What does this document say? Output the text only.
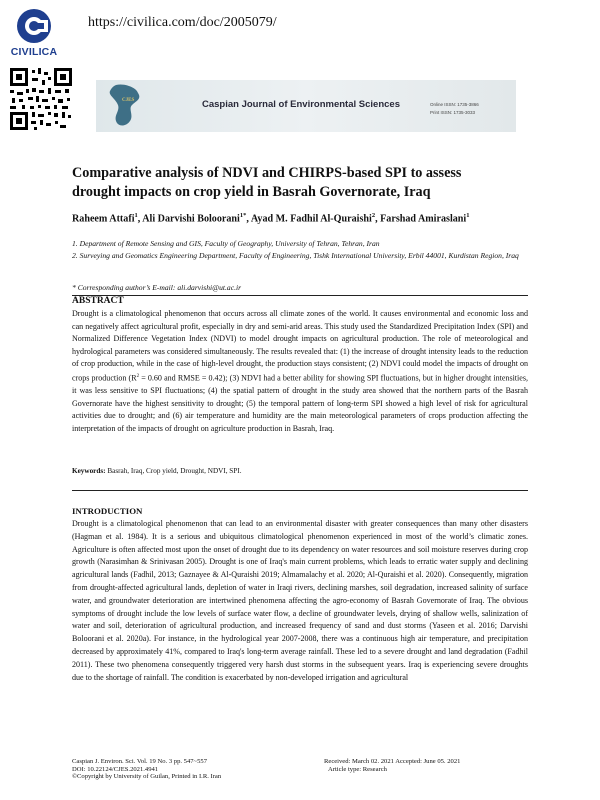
CIVILICA
https://civilica.com/doc/2005079/
CJES	Caspian Journal of Environmental Sciences	Online ISSN: 1735-3866
Print ISSN: 1735-3033
Comparative analysis of NDVI and CHIRPS-based SPI to assess
drought impacts on crop yield in Basrah Governorate, Iraq
Raheem Attafi$^1$, Ali Darvishi Boloorani$^{1*}$, Ayad M. Fadhil Al-Quraishi$^2$, Farshad Amiraslani$^1$

1. Department of Remote Sensing and GIS, Faculty of Geography, University of Tehran, Tehran, Iran

2. Surveying and Geomatics Engineering Department, Faculty of Engineering, Tishk International University, Erbil 44001, Kurdistan Region, Iraq

* Corresponding author’s E-mail: ali.darvishi@ut.ac.ir
ABSTRACT
Drought is a climatological phenomenon that occurs across all climate zones of the world. It causes environmental and economic loss and can negatively affect agricultural profit, especially in dry and semi-arid areas. This study used the Standardized Precipitation Index (SPI) and Normalized Difference Vegetation Index (NDVI) to model drought impacts on agricultural production. The role of meteorological and hydrological parameters was considered simultaneously. The results revealed that: (1) the increase of drought intensity leads to the reduction of crop production, while in the case of high-level drought, the production stays consistent; (2) NDVI could model the impacts of drought on crops production ($R^2 = 0.60$ and RMSE = 0.42); (3) NDVI had a better ability for showing SPI fluctuations, but in higher drought intensities, it was less sensitive to SPI fluctuations; (4) the spatial pattern of drought in the study area showed that the northern parts of the Basrah Governorate have the highest sensitivity to drought; (5) the temporal pattern of long-term SPI showed a high level of risk for agricultural activities due to drought; and (6) air temperature and humidity are the main meteorological parameters of crops production affecting the interpretation of the impacts of drought on agriculture production in Basrah, Iraq.
Keywords: Basrah, Iraq, Crop yield, Drought, NDVI, SPI.
INTRODUCTION
Drought is a climatological phenomenon that can lead to an environmental disaster with greater consequences than many other disasters (Hagman et al. 1984). It is a serious and ubiquitous climatological phenomenon experienced in most of the world’s climatic zones. Agriculture is often affected most upon the onset of drought due to its dependency on water resources and soil moisture reserves during crop growth (Narasimhan & Srinivasan 2005). Drought is one of Iraq's main current problems, which leads to erratic water supply and declining agricultural lands (Fadhil, 2013; Gaznayee & Al-Quraishi 2019; Almamalachy et al. 2020; Al-Quraishi et al. 2020). Consequently, migration from drought-affected agricultural lands, depletion of water in Iraqi rivers, declining marshes, soil degradation, increased salinity of surface water, and groundwater deterioration are intertwined phenomena affecting the agro-economy of Basrah Governorate of Iraq. The obvious symptoms of drought include the low levels of surface water flow, a decline of groundwater levels, drying of shallow wells, salinization of water and soil, deterioration of agricultural production, and increased frequency of sand and dust storms (Yaseen et al. 2016; Darvishi Boloorani et al. 2020a). For instance, in the hydrological year 2007-2008, there was a continuous high air temperature, and precipitation decreased by approximately 41%, compared to Iraq's long-term average rainfall. These led to a severe drought and land degradation (Fadhil 2011). These two phenomena consequently triggered very harsh dust storms in the subsequent years. Iraq is experiencing severe droughts due to the shortage of rainfall. The condition is exacerbated by non-developed irrigation and agricultural
Caspian J. Environ. Sci. Vol. 19 No. 3 pp. 547~557
DOI: 10.22124/CJES.2021.4941
©Copyright by University of Guilan, Printed in I.R. Iran
Received: March 02. 2021 Accepted: June 05. 2021
Article type: Research
